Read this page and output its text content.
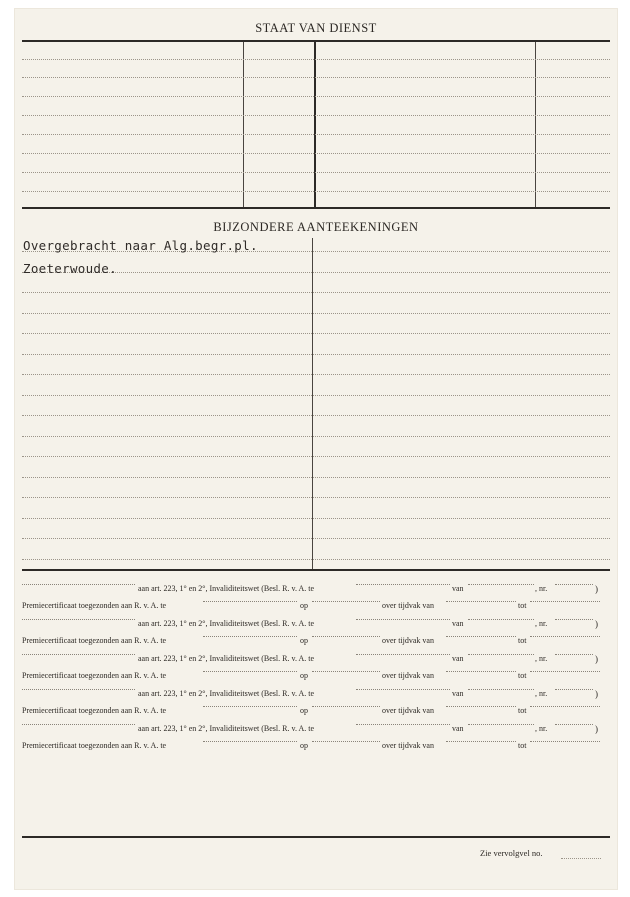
STAAT VAN DIENST
BIJZONDERE AANTEEKENINGEN
Overgebracht naar Alg.begr.pl.
Zoeterwoude.
aan art. 223, 1° en 2°, Invaliditeitswet (Besl. R. v. A. te	van	, nr.	)
Premiecertificaat toegezonden aan R. v. A. te	op	over tijdvak van	tot
aan art. 223, 1° en 2°, Invaliditeitswet (Besl. R. v. A. te	van	, nr.	)
Premiecertificaat toegezonden aan R. v. A. te	op	over tijdvak van	tot
aan art. 223, 1° en 2°, Invaliditeitswet (Besl. R. v. A. te	van	, nr.	)
Premiecertificaat toegezonden aan R. v. A. te	op	over tijdvak van	tot
aan art. 223, 1° en 2°, Invaliditeitswet (Besl. R. v. A. te	van	, nr.	)
Premiecertificaat toegezonden aan R. v. A. te	op	over tijdvak van	tot
aan art. 223, 1° en 2°, Invaliditeitswet (Besl. R. v. A. te	van	, nr.	)
Premiecertificaat toegezonden aan R. v. A. te	op	over tijdvak van	tot
Zie vervolgvel no.
